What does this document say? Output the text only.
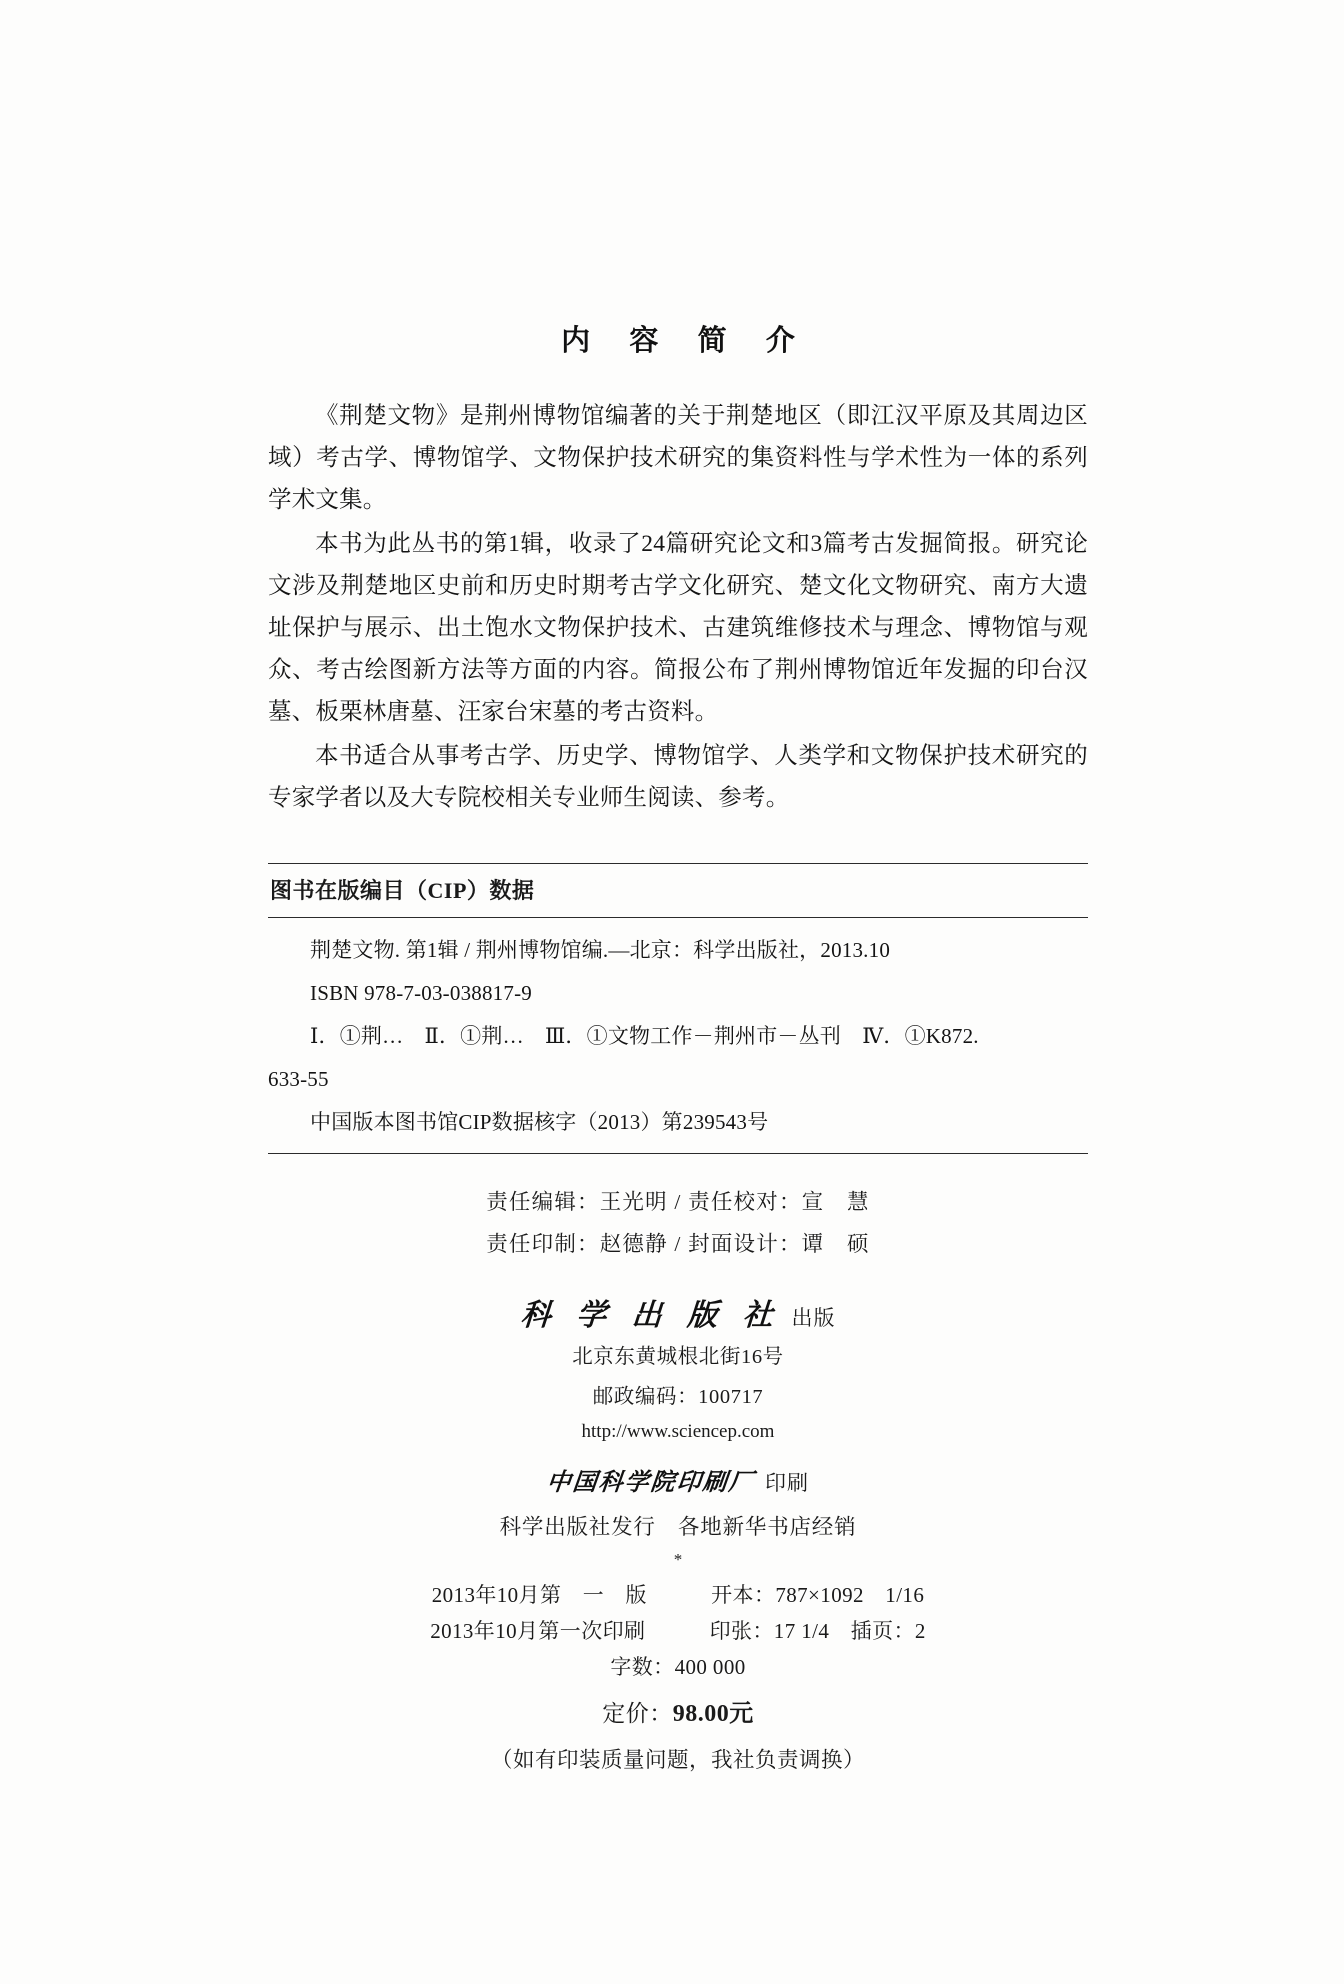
内 容 简 介

《荆楚文物》是荆州博物馆编著的关于荆楚地区（即江汉平原及其周边区域）考古学、博物馆学、文物保护技术研究的集资料性与学术性为一体的系列学术文集。

本书为此丛书的第1辑，收录了24篇研究论文和3篇考古发掘简报。研究论文涉及荆楚地区史前和历史时期考古学文化研究、楚文化文物研究、南方大遗址保护与展示、出土饱水文物保护技术、古建筑维修技术与理念、博物馆与观众、考古绘图新方法等方面的内容。简报公布了荆州博物馆近年发掘的印台汉墓、板栗林唐墓、汪家台宋墓的考古资料。

本书适合从事考古学、历史学、博物馆学、人类学和文物保护技术研究的专家学者以及大专院校相关专业师生阅读、参考。

图书在版编目（CIP）数据

荆楚文物. 第1辑 / 荆州博物馆编.—北京：科学出版社，2013.10

ISBN 978-7-03-038817-9

Ⅰ．①荆…　Ⅱ．①荆…　Ⅲ．①文物工作－荆州市－丛刊　Ⅳ．①K872.

633-55

中国版本图书馆CIP数据核字（2013）第239543号

责任编辑：王光明 / 责任校对：宣　慧

责任印制：赵德静 / 封面设计：谭　硕

科 学 出 版 社 出版

北京东黄城根北街16号

邮政编码：100717

http://www.sciencep.com

中国科学院印刷厂 印刷

科学出版社发行　各地新华书店经销

*
2013年10月第　一　版　　　开本：787×1092　1/16
2013年10月第一次印刷　　　印张：17 1/4　插页：2
字数：400 000
定价：98.00元
（如有印装质量问题，我社负责调换）
